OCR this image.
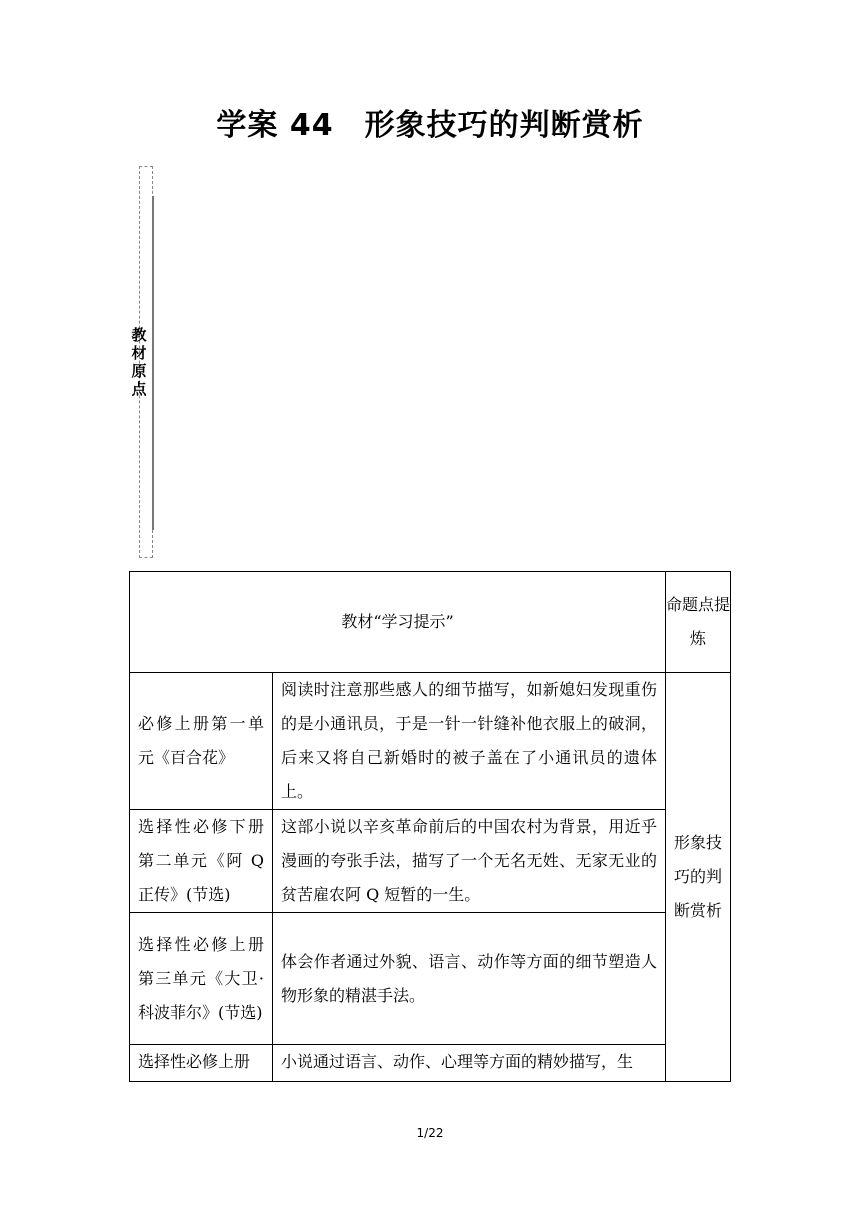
学案 44　形象技巧的判断赏析
教材原点
教材“学习提示”		命题点提炼
必修上册第一单元《百合花》	阅读时注意那些感人的细节描写，如新媳妇发现重伤的是小通讯员，于是一针一针缝补他衣服上的破洞，后来又将自己新婚时的被子盖在了小通讯员的遗体上。	形象技巧的判断赏析
选择性必修下册第二单元《阿 Q 正传》(节选)	这部小说以辛亥革命前后的中国农村为背景，用近乎漫画的夸张手法，描写了一个无名无姓、无家无业的贫苦雇农阿 Q 短暂的一生。	
选择性必修上册第三单元《大卫·科波菲尔》(节选)	体会作者通过外貌、语言、动作等方面的细节塑造人物形象的精湛手法。	
选择性必修上册	小说通过语言、动作、心理等方面的精妙描写，生	
1/22
